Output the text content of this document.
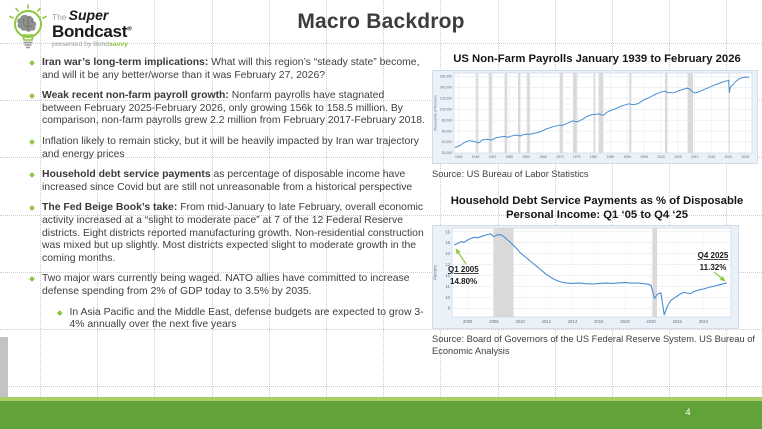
The Super
Bondcast®
presented by Bondsavvy
Macro Backdrop
Iran war’s long-term implications: What will this region’s “steady state” become, and will it be any better/worse than it was February 27, 2026?
Weak recent non-farm payroll growth: Nonfarm payrolls have stagnated between February 2025-February 2026, only growing 156k to 158.5 million. By comparison, non-farm payrolls grew 2.2 million from February 2017-February 2018.
Inflation likely to remain sticky, but it will be heavily impacted by Iran war trajectory and energy prices
Household debt service payments as percentage of disposable income have increased since Covid but are still not unreasonable from a historical perspective
The Fed Beige Book’s take: From mid-January to late February, overall economic activity increased at a “slight to moderate pace” at 7 of the 12 Federal Reserve districts. Eight districts reported manufacturing growth. Non-residential construction was mixed but up slightly. Most districts expected slight to moderate growth in the coming months.
Two major wars currently being waged. NATO allies have committed to increase defense spending from 2% of GDP today to 3.5% by 2035.
In Asia Pacific and the Middle East, defense budgets are expected to grow 3-4% annually over the next five years
US Non-Farm Payrolls January 1939 to February 2026
20,000
40,000
60,000
80,000
100,000
120,000
140,000
160,000
1940	1945	1950	1955	1960	1965	1970	1975	1980	1985	1990	1995	2000	2005	2010	2015	2020	2025
Thousands of Persons

Source: US Bureau of Labor Statistics

Household Debt Service Payments as % of Disposable Personal Income: Q1 ‘05 to Q4 ‘25
9
10
11
12
13
14
15
16
2006	2008	2010	2012	2014	2016	2018	2020	2022	2024
Percent Q1 2005
14.80%
Q4 2025
11.32%

Source: Board of Governors of the US Federal Reserve System. US Bureau of Economic Analysis

4
